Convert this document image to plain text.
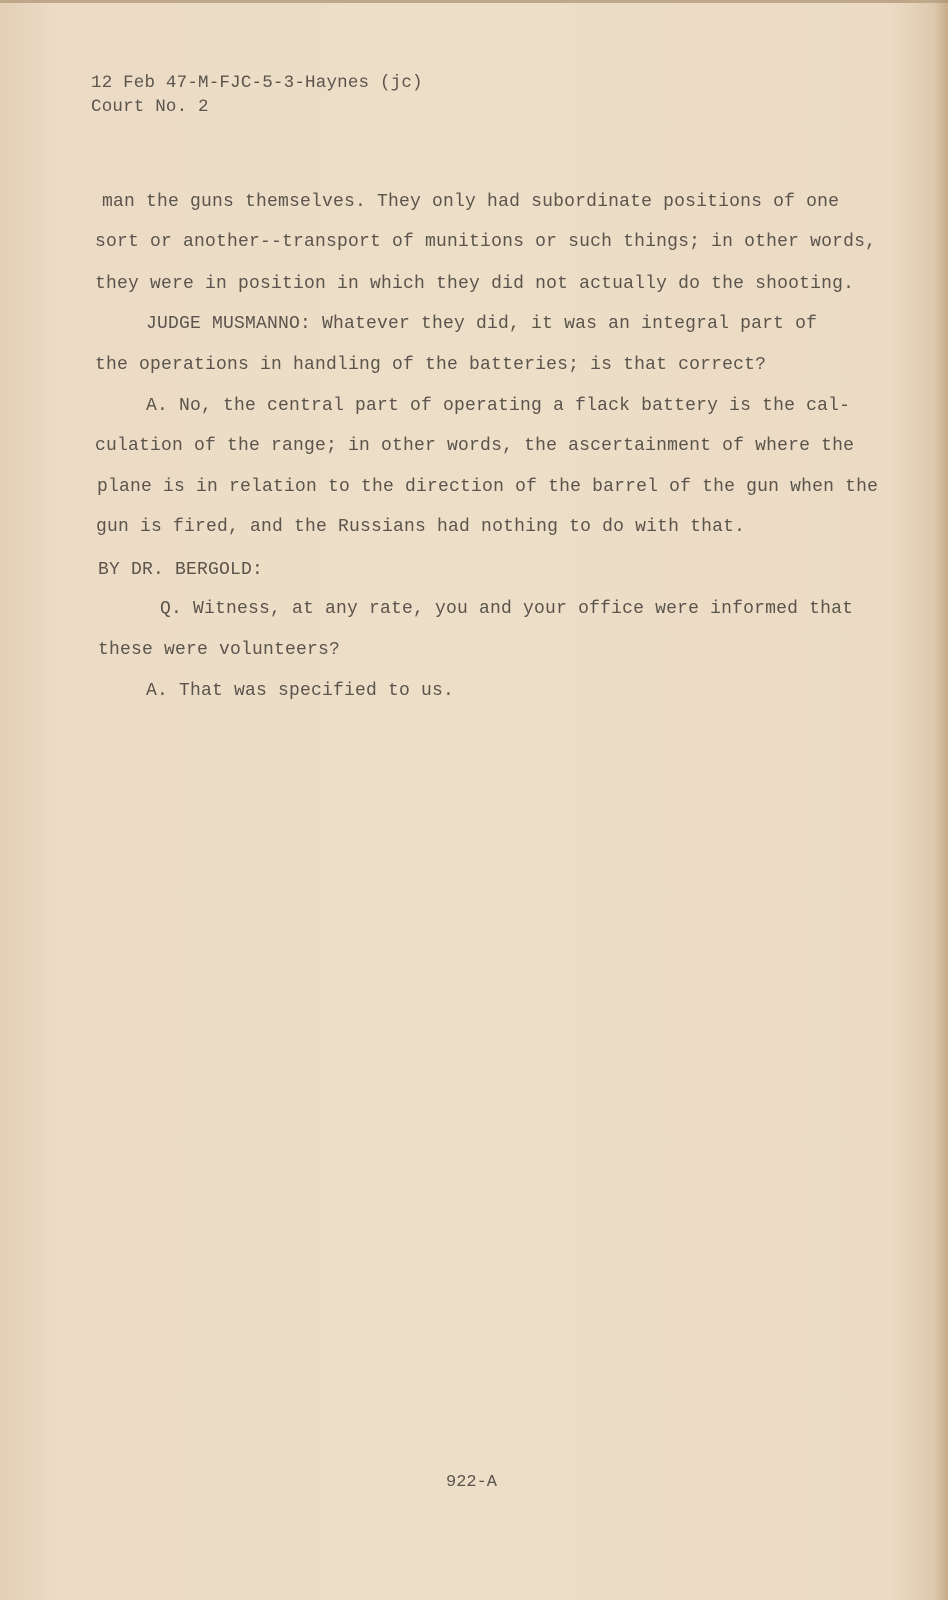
12 Feb 47-M-FJC-5-3-Haynes (jc)

Court No. 2

man the guns themselves. They only had subordinate positions of one

sort or another--transport of munitions or such things; in other words,

they were in position in which they did not actually do the shooting.

JUDGE MUSMANNO: Whatever they did, it was an integral part of

the operations in handling of the batteries; is that correct?

A. No, the central part of operating a flack battery is the cal-

culation of the range; in other words, the ascertainment of where the

plane is in relation to the direction of the barrel of the gun when the

gun is fired, and the Russians had nothing to do with that.

BY DR. BERGOLD:

Q. Witness, at any rate, you and your office were informed that

these were volunteers?

A. That was specified to us.

922-A
